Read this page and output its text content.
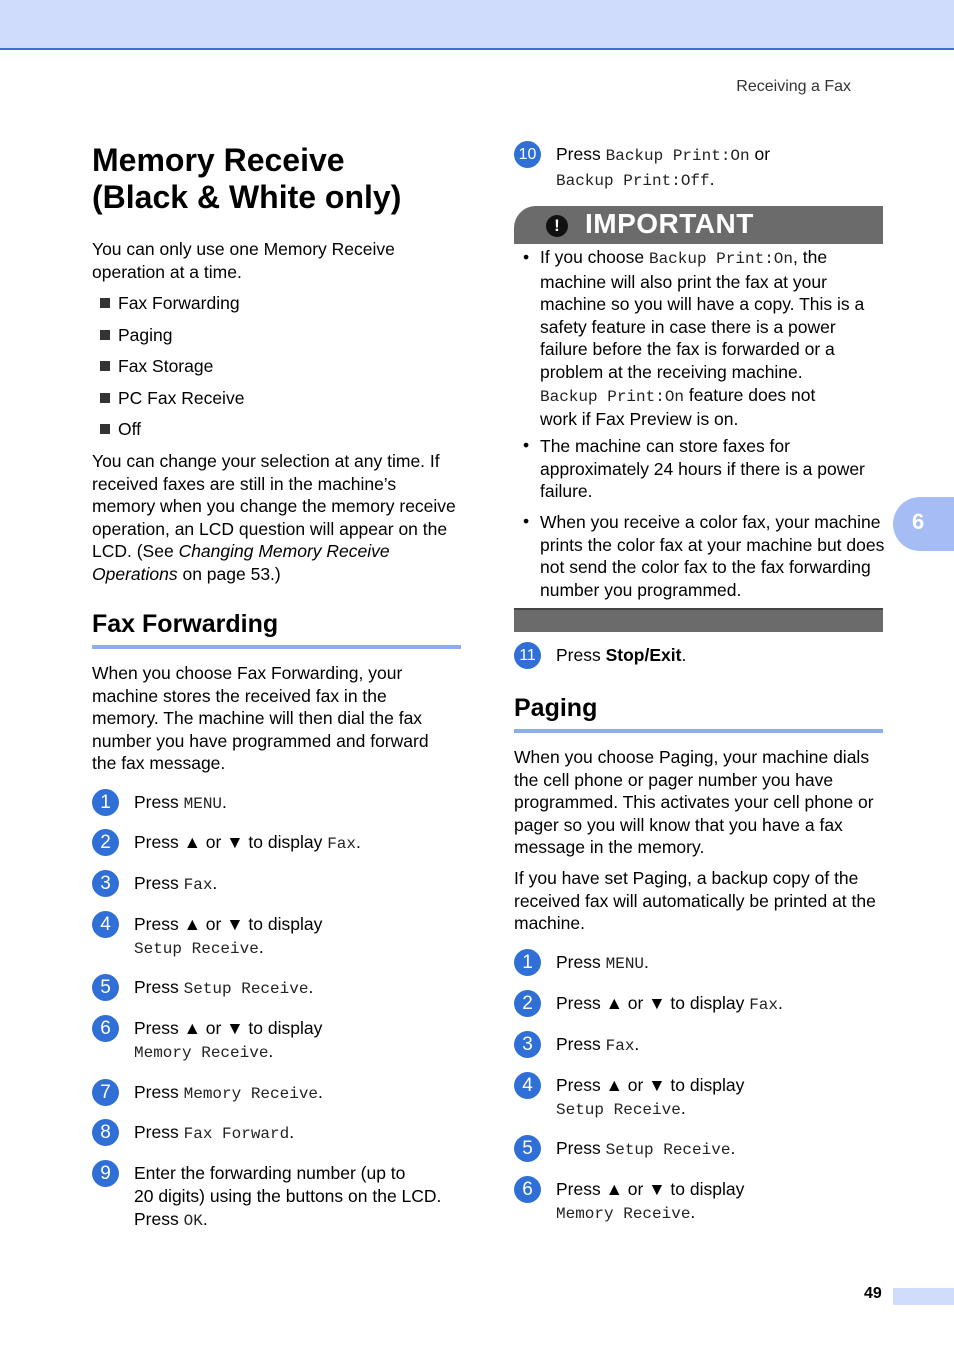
Receiving a Fax
Memory Receive
(Black & White only)

You can only use one Memory Receive operation at a time.

Fax Forwarding
Paging
Fax Storage
PC Fax Receive
Off

You can change your selection at any time. If received faxes are still in the machine’s memory when you change the memory receive operation, an LCD question will appear on the LCD. (See Changing Memory Receive Operations on page 53.)

Fax Forwarding

When you choose Fax Forwarding, your machine stores the received fax in the memory. The machine will then dial the fax number you have programmed and forward the fax message.

1	Press MENU.
2	Press ▲ or ▼ to display Fax.
3	Press Fax.
4	Press ▲ or ▼ to display
Setup Receive.
5	Press Setup Receive.
6	Press ▲ or ▼ to display
Memory Receive.
7	Press Memory Receive.
8	Press Fax Forward.
9	Enter the forwarding number (up to
20 digits) using the buttons on the LCD.
Press OK.
10 Press Backup Print:On or
Backup Print:Off.
! IMPORTANT
• If you choose Backup Print:On, the machine will also print the fax at your machine so you will have a copy. This is a safety feature in case there is a power failure before the fax is forwarded or a problem at the receiving machine.
Backup Print:On feature does not
work if Fax Preview is on.
• The machine can store faxes for approximately 24 hours if there is a power failure.
• When you receive a color fax, your machine prints the color fax at your machine but does not send the color fax to the fax forwarding number you programmed.
11 Press Stop/Exit.
Paging

When you choose Paging, your machine dials the cell phone or pager number you have programmed. This activates your cell phone or pager so you will know that you have a fax message in the memory.

If you have set Paging, a backup copy of the received fax will automatically be printed at the machine.

1	Press MENU.
2	Press ▲ or ▼ to display Fax.
3	Press Fax.
4	Press ▲ or ▼ to display
Setup Receive.
5	Press Setup Receive.
6	Press ▲ or ▼ to display
Memory Receive.
6
49
